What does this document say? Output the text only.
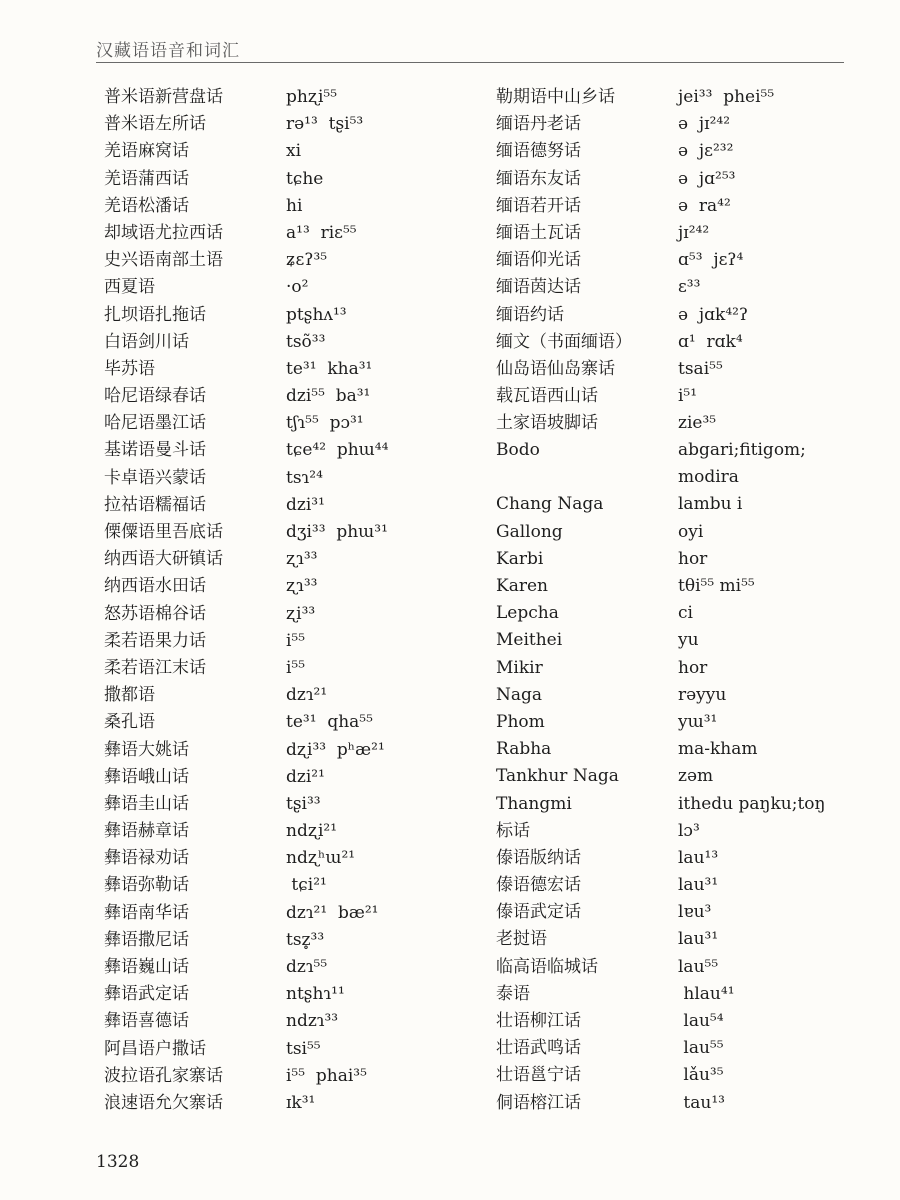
汉藏语语音和词汇
普米语新营盘话	phʐi⁵⁵
普米语左所话	rə¹³  tʂi⁵³
羌语麻窝话	xi
羌语蒲西话	tɕhe
羌语松潘话	hi
却域语尤拉西话	a¹³  riɛ⁵⁵
史兴语南部土语	ʑɛʔ³⁵
西夏语	·o²
扎坝语扎拖话	ptʂhʌ¹³
白语剑川话	tsõ³³
毕苏语	te³¹  kha³¹
哈尼语绿春话	dzi⁵⁵  ba³¹
哈尼语墨江话	tʃɿ⁵⁵  pɔ³¹
基诺语曼斗话	tɕe⁴²  phɯ⁴⁴
卡卓语兴蒙话	tsɿ²⁴
拉祜语糯福话	dzi³¹
傈僳语里吾底话	dʒi³³  phɯ³¹
纳西语大研镇话	ʐɿ³³
纳西语水田话	ʐɿ³³
怒苏语棉谷话	ʐi³³
柔若语果力话	i⁵⁵
柔若语江末话	i⁵⁵
撒都语	dzɿ²¹
桑孔语	te³¹  qha⁵⁵
彝语大姚话	dʐi³³  pʰæ²¹
彝语峨山话	dzi²¹
彝语圭山话	tʂi³³
彝语赫章话	ndʐi²¹
彝语禄劝话	ndʐʰɯ²¹
彝语弥勒话	tɕi²¹
彝语南华话	dzɿ²¹  bæ²¹
彝语撒尼话	tsz̥³³
彝语巍山话	dzɿ⁵⁵
彝语武定话	ntʂhɿ¹¹
彝语喜德话	ndzɿ³³
阿昌语户撒话	tsi⁵⁵
波拉语孔家寨话	i⁵⁵  phai³⁵
浪速语允欠寨话	ɪk³¹
勒期语中山乡话	jei³³  phei⁵⁵
缅语丹老话	ə  jɪ²⁴²
缅语德努话	ə  jɛ²³²
缅语东友话	ə  jɑ²⁵³
缅语若开话	ə  ra⁴²
缅语土瓦话	jɪ²⁴²
缅语仰光话	ɑ⁵³  jɛʔ⁴
缅语茵达话	ɛ³³
缅语约话	ə  jɑk⁴²ʔ
缅文（书面缅语）	ɑ¹  rɑk⁴
仙岛语仙岛寨话	tsai⁵⁵
载瓦语西山话	i⁵¹
土家语坡脚话	zie³⁵
Bodo	abgari;fitigom;
modira
Chang Naga	lambu i
Gallong	oyi
Karbi	hor
Karen	tθi⁵⁵ mi⁵⁵
Lepcha	ci
Meithei	yu
Mikir	hor
Naga	rəyyu
Phom	yɯ³¹
Rabha	ma-kham
Tankhur Naga	zəm
Thangmi	ithedu paŋku;toŋ
标话	lɔ³
傣语版纳话	lau¹³
傣语德宏话	lau³¹
傣语武定话	lɐu³
老挝语	lau³¹
临高语临城话	lau⁵⁵
泰语	hlau⁴¹
壮语柳江话	lau⁵⁴
壮语武鸣话	lau⁵⁵
壮语邕宁话	lǎu³⁵
侗语榕江话	tau¹³
1328
